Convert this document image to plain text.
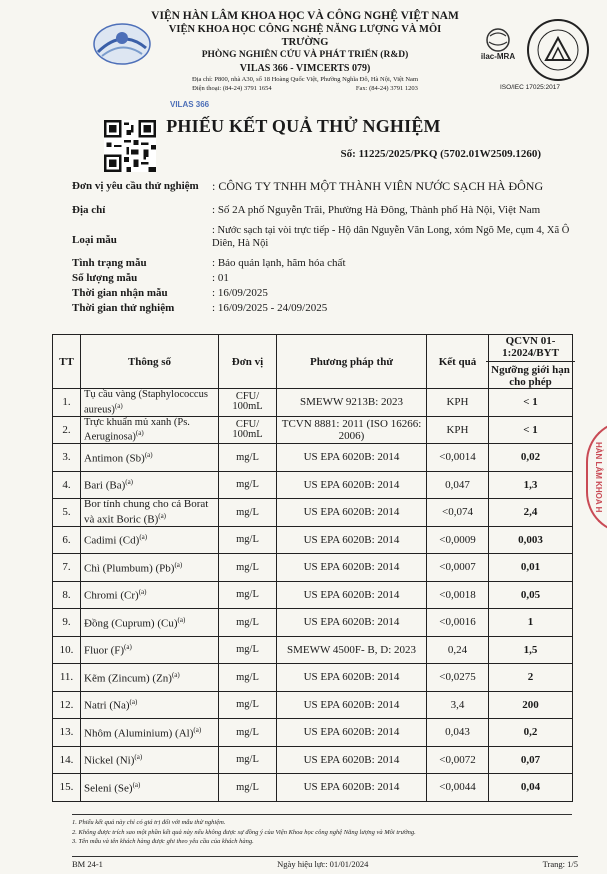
VIỆN HÀN LÂM KHOA HỌC VÀ CÔNG NGHỆ VIỆT NAM
VIỆN KHOA HỌC CÔNG NGHỆ NĂNG LƯỢNG VÀ MÔI TRƯỜNG
PHÒNG NGHIÊN CỨU VÀ PHÁT TRIỂN (R&D)
VILAS 366 - VIMCERTS 079)
Địa chỉ: P800, nhà A30, số 18 Hoàng Quốc Việt, Phường Nghĩa Đô, Hà Nội, Việt Nam
Điện thoại: (84-24) 3791 1654	Fax: (84-24) 3791 1203
ilac-MRA
ISO/IEC 17025:2017
VILAS 366
PHIẾU KẾT QUẢ THỬ NGHIỆM
Số: 11225/2025/PKQ (5702.01W2509.1260)
Đơn vị yêu cầu thử nghiệm	: CÔNG TY TNHH MỘT THÀNH VIÊN NƯỚC SẠCH HÀ ĐÔNG
Địa chỉ	: Số 2A phố Nguyễn Trãi, Phường Hà Đông, Thành phố Hà Nội, Việt Nam
Loại mẫu
: Nước sạch tại vòi trực tiếp - Hộ dân Nguyễn Văn Long, xóm Ngõ Me, cụm 4, Xã Ô Diên, Hà Nội
Tình trạng mẫu	: Bảo quản lạnh, hãm hóa chất
Số lượng mẫu	: 01
Thời gian nhận mẫu	: 16/09/2025
Thời gian thử nghiệm	: 16/09/2025 - 24/09/2025
TT	Thông số	Đơn vị	Phương pháp thử	Kết quả	QCVN 01-1:2024/BYT
Ngưỡng giới hạn cho phép

1.	Tụ cầu vàng (Staphylococcus aureus)$^{(a)}$	CFU/ 100mL	SMEWW 9213B: 2023	KPH	< 1
2.	Trực khuẩn mủ xanh (Ps. Aeruginosa)$^{(a)}$	CFU/ 100mL	TCVN 8881: 2011 (ISO 16266: 2006)	KPH	< 1
3.	Antimon $(Sb)^{(a)}$	mg/L	US EPA 6020B: 2014	<0,0014	0,02
4.	Bari $(Ba)^{(a)}$	mg/L	US EPA 6020B: 2014	0,047	1,3
5.	Bor tính chung cho cả Borat và axit Boric $(B)^{(a)}$	mg/L	US EPA 6020B: 2014	<0,074	2,4
6.	Cadimi $(Cd)^{(a)}$	mg/L	US EPA 6020B: 2014	<0,0009	0,003
7.	Chì (Plumbum) $(Pb)^{(a)}$	mg/L	US EPA 6020B: 2014	<0,0007	0,01
8.	Chromi $(Cr)^{(a)}$	mg/L	US EPA 6020B: 2014	<0,0018	0,05
9.	Đồng (Cuprum) $(Cu)^{(a)}$	mg/L	US EPA 6020B: 2014	<0,0016	1
10.	Fluor $(F)^{(a)}$	mg/L	SMEWW 4500F- B, D: 2023	0,24	1,5
11.	Kẽm (Zincum) $(Zn)^{(a)}$	mg/L	US EPA 6020B: 2014	<0,0275	2
12.	Natri $(Na)^{(a)}$	mg/L	US EPA 6020B: 2014	3,4	200
13.	Nhôm (Aluminium) $(Al)^{(a)}$	mg/L	US EPA 6020B: 2014	0,043	0,2
14.	Nickel $(Ni)^{(a)}$	mg/L	US EPA 6020B: 2014	<0,0072	0,07
15.	Seleni $(Se)^{(a)}$	mg/L	US EPA 6020B: 2014	<0,0044	0,04
HÀN LÂM KHOA H
1. Phiếu kết quả này chỉ có giá trị đối với mẫu thử nghiệm.
2. Không được trích sao một phần kết quả này nếu không được sự đồng ý của Viện Khoa học công nghệ Năng lượng và Môi trường.
3. Tên mẫu và tên khách hàng được ghi theo yêu cầu của khách hàng.
BM 24-1	Ngày hiệu lực: 01/01/2024	Trang: 1/5
